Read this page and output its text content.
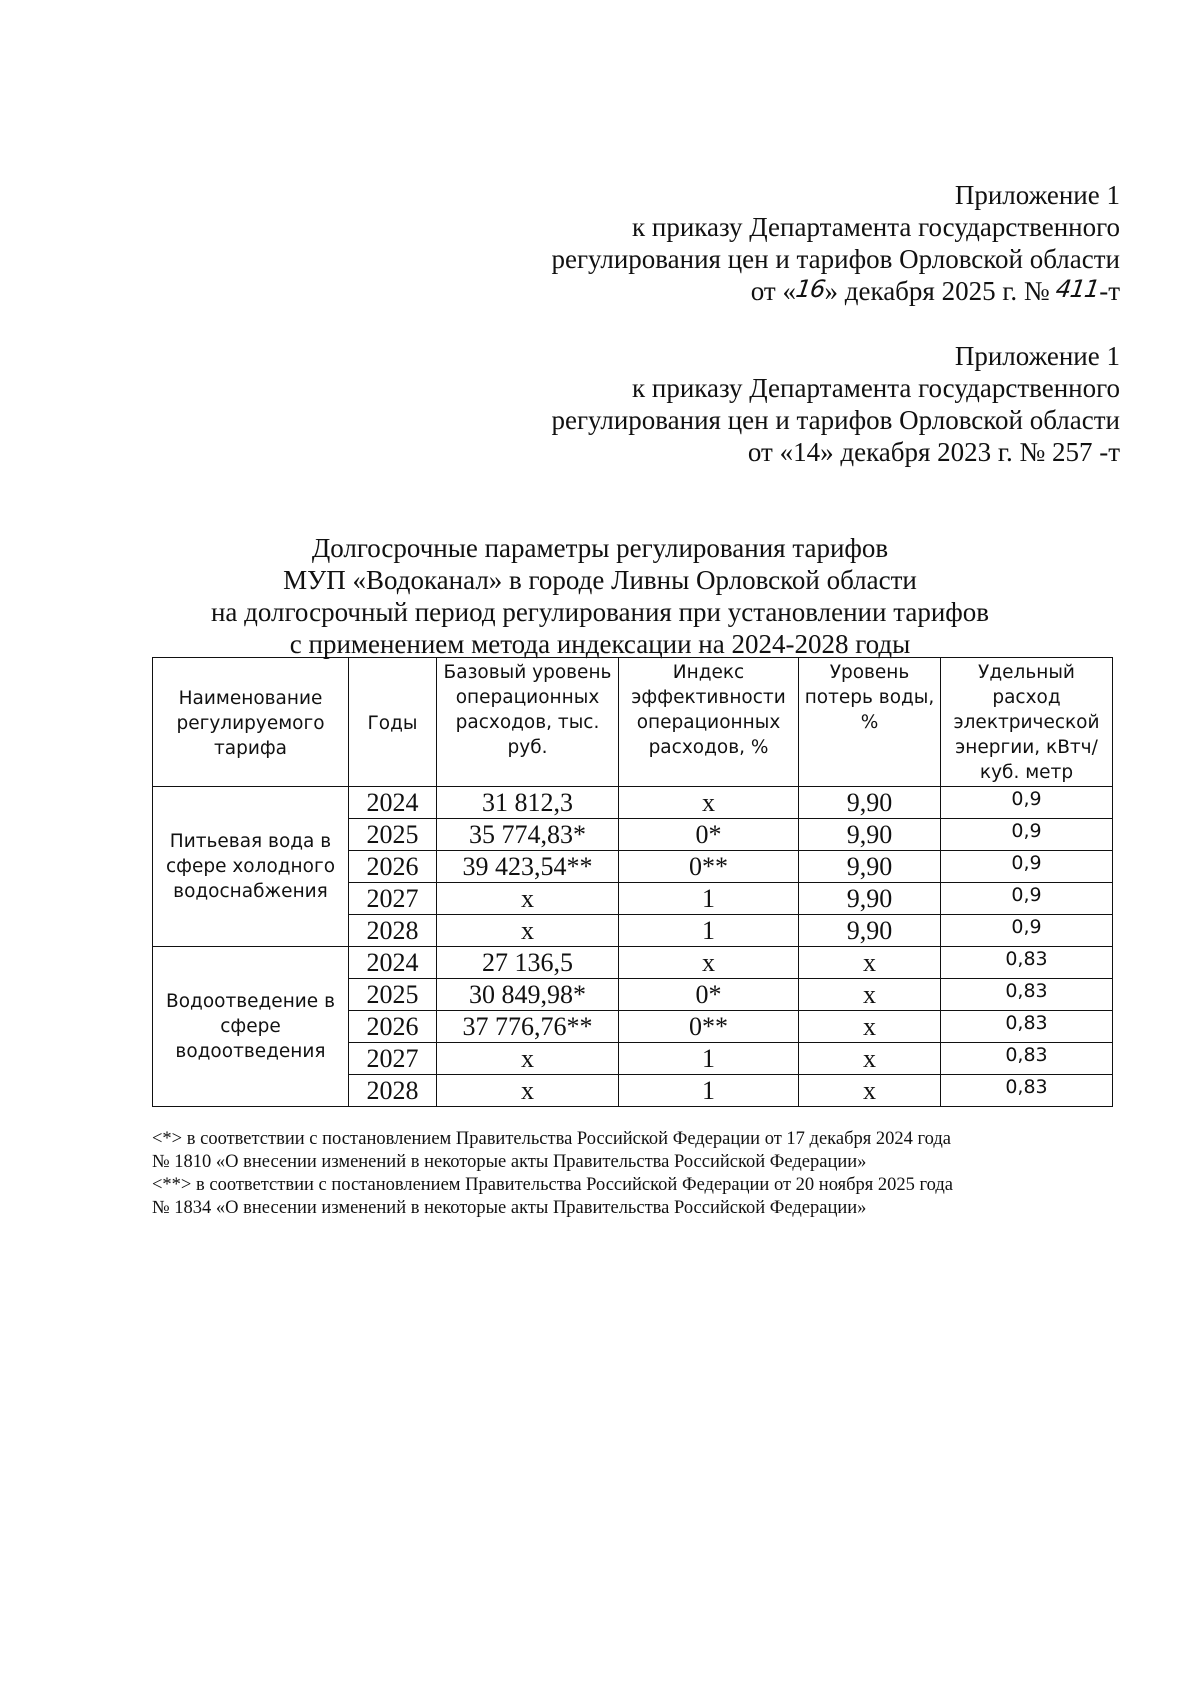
Приложение 1
к приказу Департамента государственного
регулирования цен и тарифов Орловской области
от «16» декабря 2025 г. № 411-т
Приложение 1
к приказу Департамента государственного
регулирования цен и тарифов Орловской области
от «14» декабря 2023 г. № 257 -т
Долгосрочные параметры регулирования тарифов
МУП «Водоканал» в городе Ливны Орловской области
на долгосрочный период регулирования при установлении тарифов
с применением метода индексации на 2024-2028 годы
Наименование регулируемого тарифа	Годы	Базовый уровень операционных расходов, тыс. руб.	Индекс эффективности операционных расходов, %	Уровень потерь воды, %	Удельный расход электрической энергии, кВтч/куб. метр
Питьевая вода в сфере холодного водоснабжения	2024	31 812,3	х	9,90	0,9
	2025	35 774,83*	0*	9,90	0,9
	2026	39 423,54**	0**	9,90	0,9
	2027	х	1	9,90	0,9
	2028	х	1	9,90	0,9
Водоотведение в сфере водоотведения	2024	27 136,5	х	х	0,83
	2025	30 849,98*	0*	х	0,83
	2026	37 776,76**	0**	х	0,83
	2027	х	1	х	0,83
	2028	х	1	х	0,83
<*> в соответствии с постановлением Правительства Российской Федерации от 17 декабря 2024 года
№ 1810 «О внесении изменений в некоторые акты Правительства Российской Федерации»
<**> в соответствии с постановлением Правительства Российской Федерации от 20 ноября 2025 года
№ 1834 «О внесении изменений в некоторые акты Правительства Российской Федерации»
